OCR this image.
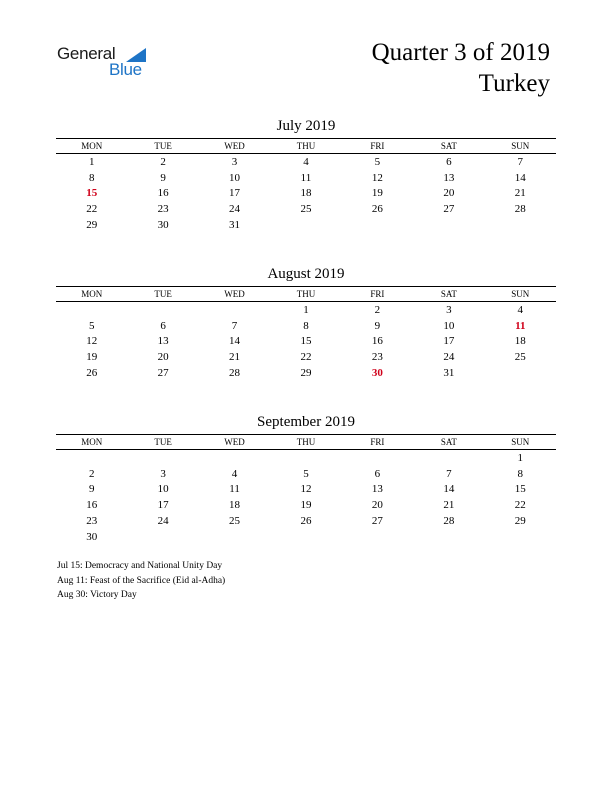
General
Blue
Quarter 3 of 2019
Turkey
July 2019
MON	TUE	WED	THU	FRI	SAT	SUN
1	2	3	4	5	6	7
8	9	10	11	12	13	14
15	16	17	18	19	20	21
22	23	24	25	26	27	28
29	30	31				
August 2019
MON	TUE	WED	THU	FRI	SAT	SUN
			1	2	3	4
5	6	7	8	9	10	11
12	13	14	15	16	17	18
19	20	21	22	23	24	25
26	27	28	29	30	31	
September 2019
MON	TUE	WED	THU	FRI	SAT	SUN
						1
2	3	4	5	6	7	8
9	10	11	12	13	14	15
16	17	18	19	20	21	22
23	24	25	26	27	28	29
30						
Jul 15: Democracy and National Unity Day
Aug 11: Feast of the Sacrifice (Eid al-Adha)
Aug 30: Victory Day
